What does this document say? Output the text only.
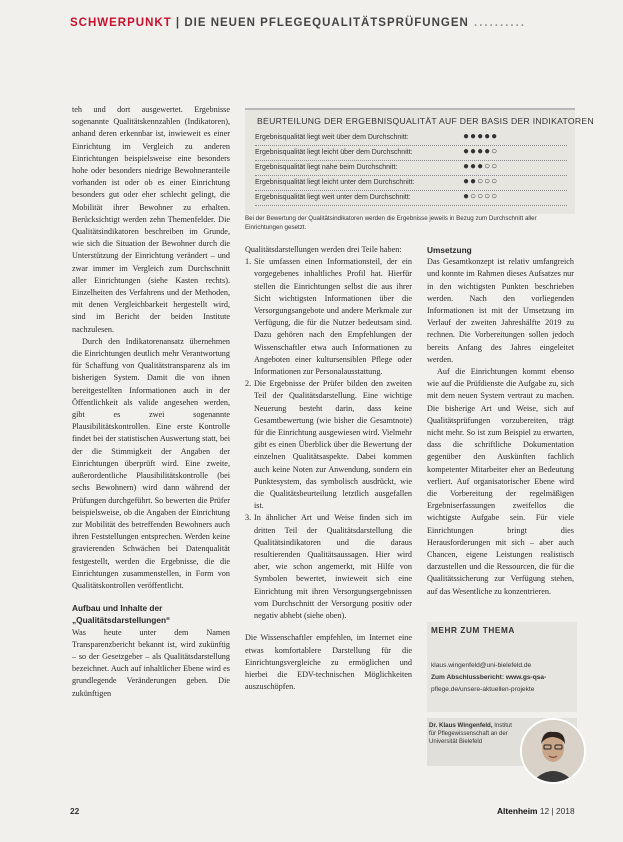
SCHWERPUNKT | DIE NEUEN PFLEGEQUALITÄTSPRÜFUNGEN ..........

teh und dort ausgewertet. Ergebnisse sogenannte Qualitätskennzahlen (Indikatoren), anhand deren erkennbar ist, inwieweit es einer Einrichtung im Vergleich zu anderen Einrichtungen beispielsweise eine besonders hohe oder besonders niedrige Bewohneranteile vorhanden ist oder ob es einer Einrichtung besonders gut oder eher schlecht gelingt, die Mobilität ihrer Bewohner zu erhalten. Berücksichtigt werden zehn Themenfelder. Die Qualitätsindikatoren beschreiben im Grunde, wie sich die Situation der Bewohner durch die Unterstützung der Einrichtung verändert – und zwar immer im Vergleich zum Durchschnitt aller Einrichtungen (siehe Kasten rechts). Einzelheiten des Verfahrens und der Methoden, mit denen Vergleichbarkeit hergestellt wird, sind im Bericht der beiden Institute nachzulesen.

Durch den Indikatorenansatz übernehmen die Einrichtungen deutlich mehr Verantwortung für Schaffung von Qualitätstransparenz als im bisherigen System. Damit die von ihnen bereitgestellten Informationen auch in der Öffentlichkeit als valide angesehen werden, gibt es zwei sogenannte Plausibilitätskontrollen. Eine erste Kontrolle findet bei der statistischen Auswertung statt, bei der die Stimmigkeit der Angaben der Einrichtungen überprüft wird. Eine zweite, außerordentliche Plausibilitätskontrolle (bei sechs Bewohnern) wird dann während der Prüfungen durchgeführt. So bewerten die Prüfer beispielsweise, ob die Angaben der Einrichtung zur Mobilität des betreffenden Bewohners auch ihren Feststellungen entsprechen. Werden keine gravierenden Schwächen bei Datenqualität festgestellt, werden die Ergebnisse, die die Einrichtungen zusammenstellen, in Form von Qualitätskontrollen veröffentlicht.

Aufbau und Inhalte der „Qualitätsdarstellungen“

Was heute unter dem Namen Transparenzbericht bekannt ist, wird zukünftig – so der Gesetzgeber – als Qualitätsdarstellung bezeichnet. Auch auf inhaltlicher Ebene wird es grundlegende Veränderungen geben. Die zukünftigen

BEURTEILUNG DER ERGEBNISQUALITÄT AUF DER BASIS DER INDIKATOREN
Ergebnisqualität liegt weit über dem Durchschnitt:	●●●●●
Ergebnisqualität liegt leicht über dem Durchschnitt:	●●●●○
Ergebnisqualität liegt nahe beim Durchschnitt:	●●●○○
Ergebnisqualität liegt leicht unter dem Durchschnitt:	●●○○○
Ergebnisqualität liegt weit unter dem Durchschnitt:	●○○○○
Bei der Bewertung der Qualitätsindikatoren werden die Ergebnisse jeweils in Bezug zum Durchschnitt aller Einrichtungen gesetzt.

Qualitätsdarstellungen werden drei Teile haben:

1. Sie umfassen einen Informationsteil, der ein vorgegebenes inhaltliches Profil hat. Hierfür stellen die Einrichtungen selbst die aus ihrer Sicht wichtigsten Informationen über die Versorgungsangebote und andere Merkmale zur Verfügung, die für die Nutzer bedeutsam sind. Dazu gehören nach den Empfehlungen der Wissenschaftler etwa auch Informationen zu Angeboten einer kultursensiblen Pflege oder Informationen zur Personalausstattung.
2. Die Ergebnisse der Prüfer bilden den zweiten Teil der Qualitätsdarstellung. Eine wichtige Neuerung besteht darin, dass keine Gesamtbewertung (wie bisher die Gesamtnote) für die Einrichtung ausgewiesen wird. Vielmehr gibt es einen Überblick über die Bewertung der einzelnen Qualitätsaspekte. Dabei kommen auch keine Noten zur Anwendung, sondern ein Punktesystem, das symbolisch ausdrückt, wie die Qualitätsbeurteilung letztlich ausgefallen ist.
3. In ähnlicher Art und Weise finden sich im dritten Teil der Qualitätsdarstellung die Qualitätsindikatoren und die daraus resultierenden Qualitätsaussagen. Hier wird aber, wie schon angemerkt, mit Hilfe von Symbolen bewertet, inwieweit sich eine Einrichtung mit ihren Versorgungsergebnissen vom Durchschnitt der Versorgung positiv oder negativ abhebt (siehe oben).

Die Wissenschaftler empfehlen, im Internet eine etwas komfortablere Darstellung für die Einrichtungsvergleiche zu ermöglichen und hierbei die EDV-technischen Möglichkeiten auszuschöpfen.

Umsetzung

Das Gesamtkonzept ist relativ umfangreich und konnte im Rahmen dieses Aufsatzes nur in den wichtigsten Punkten beschrieben werden. Nach den vorliegenden Informationen ist mit der Umsetzung im Verlauf der zweiten Jahreshälfte 2019 zu rechnen. Die Vorbereitungen sollen jedoch bereits Anfang des Jahres eingeleitet werden.

Auf die Einrichtungen kommt ebenso wie auf die Prüfdienste die Aufgabe zu, sich mit dem neuen System vertraut zu machen. Die bisherige Art und Weise, sich auf Qualitätsprüfungen vorzubereiten, trägt nicht mehr. So ist zum Beispiel zu erwarten, dass die schriftliche Dokumentation gegenüber den Auskünften fachlich kompetenter Mitarbeiter eher an Bedeutung verliert. Auf organisatorischer Ebene wird die Vorbereitung der regelmäßigen Ergebniserfassungen zweifellos die wichtigste Aufgabe sein. Für viele Einrichtungen bringt dies Herausforderungen mit sich – aber auch Chancen, eigene Leistungen realistisch darzustellen und die Ressourcen, die für die Qualitätssicherung zur Verfügung stehen, auf das Wesentliche zu konzentrieren.

MEHR ZUM THEMA
klaus.wingenfeld@uni-bielefeld.de
Zum Abschlussbericht: www.gs-qsa-
pflege.de/unsere-aktuellen-projekte
Dr. Klaus Wingenfeld, Institut für Pflegewissenschaft an der Universität Bielefeld
22	Altenheim 12 | 2018
